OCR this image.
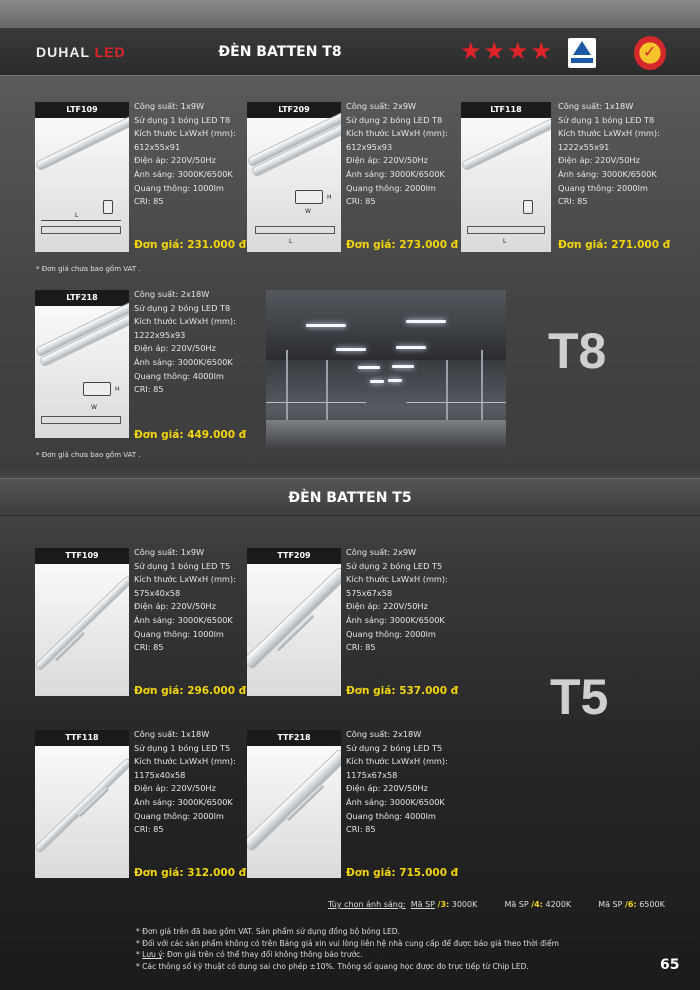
DUHAL LED	ĐÈN BATTEN T8	★ ★ ★ ★	✓
LTF109
L
Công suất: 1x9W
Sử dụng 1 bóng LED T8
Kích thước LxWxH (mm):
612x55x91
Điện áp: 220V/50Hz
Ánh sáng: 3000K/6500K
Quang thông: 1000lm
CRI: 85
Đơn giá: 231.000 đ
LTF209
W
H
L
Công suất: 2x9W
Sử dụng 2 bóng LED T8
Kích thước LxWxH (mm):
612x95x93
Điện áp: 220V/50Hz
Ánh sáng: 3000K/6500K
Quang thông: 2000lm
CRI: 85
Đơn giá: 273.000 đ
LTF118
L
Công suất: 1x18W
Sử dụng 1 bóng LED T8
Kích thước LxWxH (mm):
1222x55x91
Điện áp: 220V/50Hz
Ánh sáng: 3000K/6500K
Quang thông: 2000lm
CRI: 85
Đơn giá: 271.000 đ
* Đơn giá chưa bao gồm VAT .
LTF218
W
H
Công suất: 2x18W
Sử dụng 2 bóng LED T8
Kích thước LxWxH (mm):
1222x95x93
Điện áp: 220V/50Hz
Ánh sáng: 3000K/6500K
Quang thông: 4000lm
CRI: 85
Đơn giá: 449.000 đ
* Đơn giá chưa bao gồm VAT .
T8
ĐÈN BATTEN T5
TTF109	Công suất: 1x9W
Sử dụng 1 bóng LED T5
Kích thước LxWxH (mm):
575x40x58
Điện áp: 220V/50Hz
Ánh sáng: 3000K/6500K
Quang thông: 1000lm
CRI: 85
Đơn giá: 296.000 đ
TTF209	Công suất: 2x9W
Sử dụng 2 bóng LED T5
Kích thước LxWxH (mm):
575x67x58
Điện áp: 220V/50Hz
Ánh sáng: 3000K/6500K
Quang thông: 2000lm
CRI: 85
Đơn giá: 537.000 đ T5
TTF118	Công suất: 1x18W
Sử dụng 1 bóng LED T5
Kích thước LxWxH (mm):
1175x40x58
Điện áp: 220V/50Hz
Ánh sáng: 3000K/6500K
Quang thông: 2000lm
CRI: 85
Đơn giá: 312.000 đ
TTF218	Công suất: 2x18W
Sử dụng 2 bóng LED T5
Kích thước LxWxH (mm):
1175x67x58
Điện áp: 220V/50Hz
Ánh sáng: 3000K/6500K
Quang thông: 4000lm
CRI: 85
Đơn giá: 715.000 đ
Tùy chọn ánh sáng: Mã SP /3: 3000K	Mã SP /4: 4200K	Mã SP /6: 6500K
* Đơn giá trên đã bao gồm VAT. Sản phẩm sử dụng đồng bộ bóng LED.
* Đối với các sản phẩm không có trên Bảng giá xin vui lòng liên hệ nhà cung cấp để được báo giá theo thời điểm
* Lưu ý: Đơn giá trên có thể thay đổi không thông báo trước.
* Các thông số kỹ thuật có dung sai cho phép ±10%. Thông số quang học được đo trực tiếp từ Chip LED.	65
